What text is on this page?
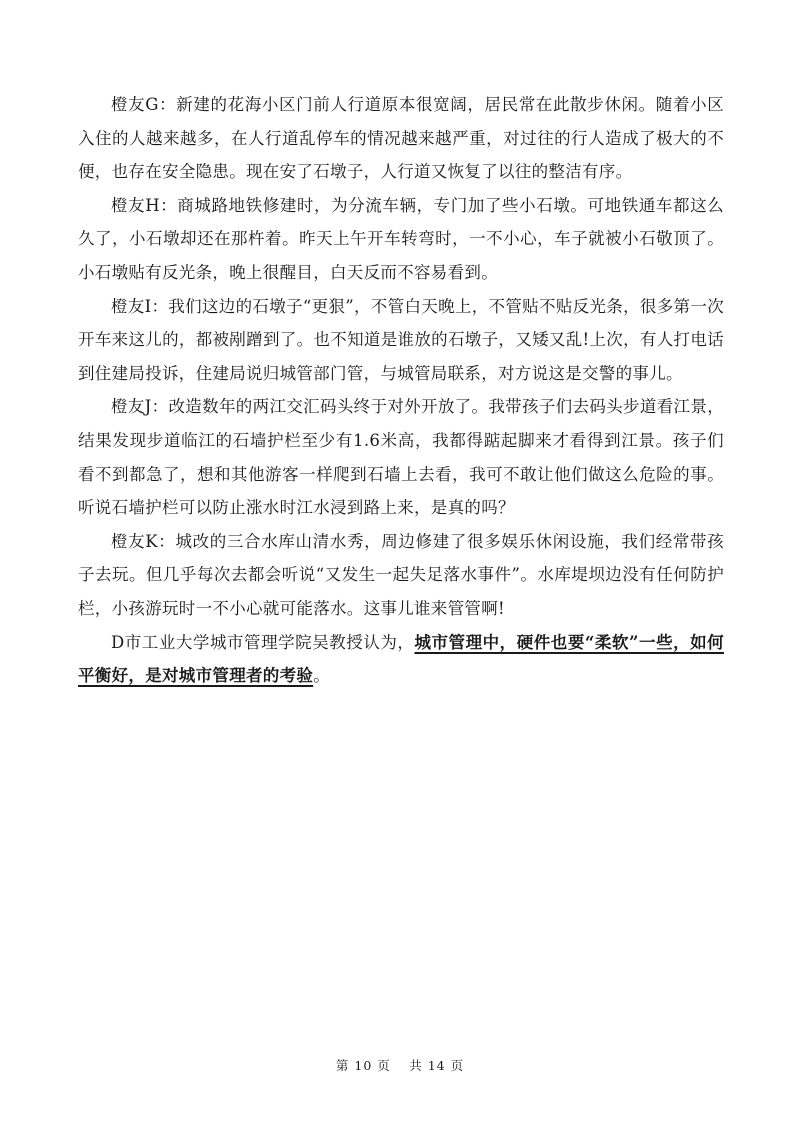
橙友G：新建的花海小区门前人行道原本很宽阔，居民常在此散步休闲。随着小区入住的人越来越多，在人行道乱停车的情况越来越严重，对过往的行人造成了极大的不便，也存在安全隐患。现在安了石墩子，人行道又恢复了以往的整洁有序。

橙友H：商城路地铁修建时，为分流车辆，专门加了些小石墩。可地铁通车都这么久了，小石墩却还在那杵着。昨天上午开车转弯时，一不小心，车子就被小石敬顶了。小石墩贴有反光条，晚上很醒目，白天反而不容易看到。

橙友I：我们这边的石墩子“更狠”，不管白天晚上，不管贴不贴反光条，很多第一次开车来这儿的，都被剐蹭到了。也不知道是谁放的石墩子，又矮又乱!上次，有人打电话到住建局投诉，住建局说归城管部门管，与城管局联系，对方说这是交警的事儿。

橙友J：改造数年的两江交汇码头终于对外开放了。我带孩子们去码头步道看江景，结果发现步道临江的石墙护栏至少有1.6米高，我都得踮起脚来才看得到江景。孩子们看不到都急了，想和其他游客一样爬到石墙上去看，我可不敢让他们做这么危险的事。听说石墙护栏可以防止涨水时江水浸到路上来，是真的吗？

橙友K：城改的三合水库山清水秀，周边修建了很多娱乐休闲设施，我们经常带孩子去玩。但几乎每次去都会听说“又发生一起失足落水事件”。水库堤坝边没有任何防护栏，小孩游玩时一不小心就可能落水。这事儿谁来管管啊!

D市工业大学城市管理学院吴教授认为，城市管理中，硬件也要“柔软”一些，如何平衡好，是对城市管理者的考验。

第 10 页　 共 14 页
